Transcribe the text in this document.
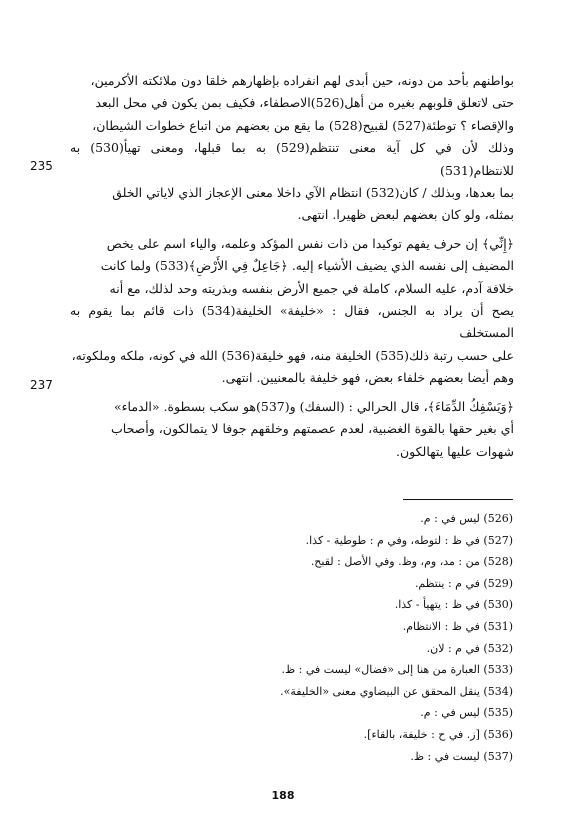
بواطنهم بأحد من دونه، حين أبدى لهم انفراده بإظهارهم خلقا دون ملائكته الأكرمين،

حتى لاتعلق قلوبهم بغيره من أهل(526)الاصطفاء، فكيف بمن يكون في محل البعد

والإقصاء ؟ توطئة(527) لقبيح(528) ما يقع من بعضهم من اتباع خطوات الشيطان،

وذلك لأن في كل آية معنى تنتظم(529) به بما قبلها، ومعنى تهيأ(530) به للانتظام(531)

بما بعدها، وبذلك / كان(532) انتظام الآي داخلا معنى الإعجاز الذي لاياتي الخلق

بمثله، ولو كان بعضهم لبعض ظهيرا. انتهى.

﴿إِنِّي﴾ إن حرف يفهم توكيدا من ذات نفس المؤكد وعلمه، والياء اسم على يخص

المضيف إلى نفسه الذي يضيف الأشياء إليه. ﴿جَاعِلٌ فِي الأَرْضِ﴾(533) ولما كانت

خلافة آدم، عليه السلام، كاملة في جميع الأرض بنفسه وبذريته وحد لذلك، مع أنه

يصح أن يراد به الجنس، فقال : «خليفة» الخليفة(534) ذات قائم بما يقوم به المستخلف

على حسب رتبة ذلك(535) الخليفة منه، فهو خليقة(536) الله في كونه، ملكه وملكوته،

وهم أيضا بعضهم خلفاء بعض، فهو خليفة بالمعنيين. انتهى.

﴿وَيَسْفِكُ الدِّمَاءَ﴾، قال الحرالي : (السفك) و(537)هو سكب بسطوة. «الدماء»

أي بغير حقها بالقوة الغضبية، لعدم عصمتهم وخلقهم جوفا لا يتمالكون، وأصحاب

شهوات عليها يتهالكون.

235
237
(526) ليس في : م.
(527) في ظ : لتوطه، وفي م : طوطية - كذا.
(528) من : مد، وم، وظ. وفي الأصل : لقبح.
(529) في م : ينتظم.
(530) في ظ : يتهيأ - كذا.
(531) في ظ : الانتظام.
(532) في م : لان.
(533) العبارة من هنا إلى «فضال» ليست في : ظ.
(534) ينقل المحقق عن البيضاوي معنى «الخليفة».
(535) ليس في : م.
(536) [ز. في ح : خليفة، بالقاء].
(537) ليست في : ظ.
188
